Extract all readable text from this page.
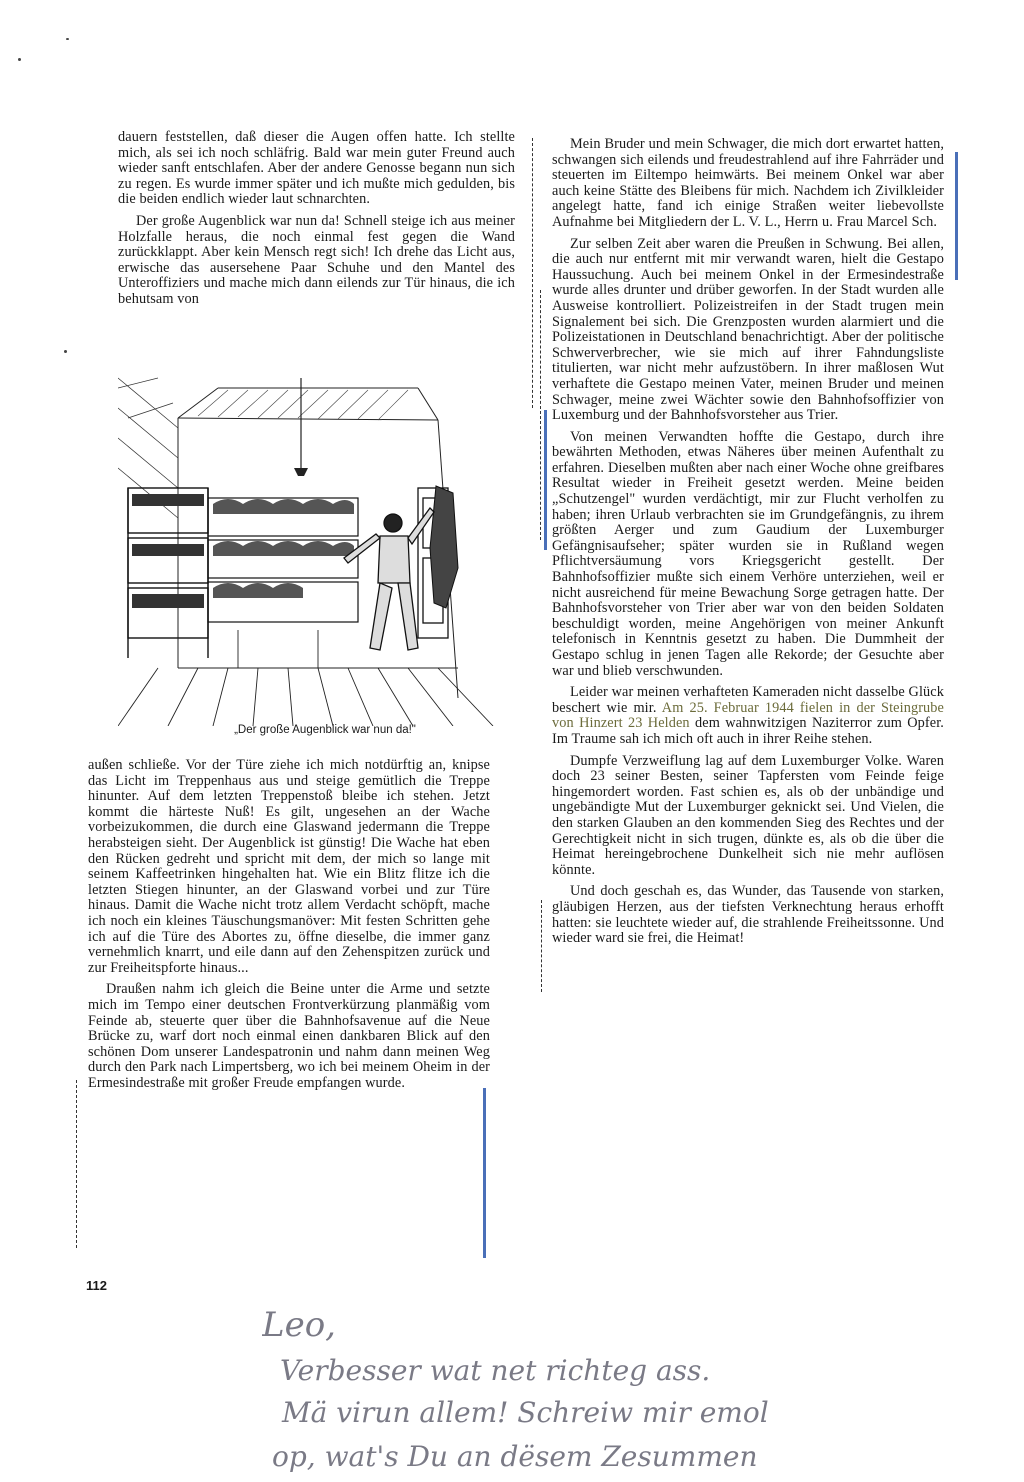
dauern feststellen, daß dieser die Augen offen hatte. Ich stellte mich, als sei ich noch schläfrig. Bald war mein guter Freund auch wieder sanft entschlafen. Aber der andere Genosse begann nun sich zu regen. Es wurde immer später und ich mußte mich gedulden, bis die beiden endlich wieder laut schnarchten.

Der große Augenblick war nun da! Schnell steige ich aus meiner Holzfalle heraus, die noch einmal fest gegen die Wand zurückklappt. Aber kein Mensch regt sich! Ich drehe das Licht aus, erwische das ausersehene Paar Schuhe und den Mantel des Unteroffiziers und mache mich dann eilends zur Tür hinaus, die ich behutsam von

„Der große Augenblick war nun da!"

außen schließe. Vor der Türe ziehe ich mich notdürftig an, knipse das Licht im Treppenhaus aus und steige gemütlich die Treppe hinunter. Auf dem letzten Treppenstoß bleibe ich stehen. Jetzt kommt die härteste Nuß! Es gilt, ungesehen an der Wache vorbeizukommen, die durch eine Glaswand jedermann die Treppe herabsteigen sieht. Der Augenblick ist günstig! Die Wache hat eben den Rücken gedreht und spricht mit dem, der mich so lange mit seinem Kaffeetrinken hingehalten hat. Wie ein Blitz flitze ich die letzten Stiegen hinunter, an der Glaswand vorbei und zur Türe hinaus. Damit die Wache nicht trotz allem Verdacht schöpft, mache ich noch ein kleines Täuschungsmanöver: Mit festen Schritten gehe ich auf die Türe des Abortes zu, öffne dieselbe, die immer ganz vernehmlich knarrt, und eile dann auf den Zehenspitzen zurück und zur Freiheitspforte hinaus...

Draußen nahm ich gleich die Beine unter die Arme und setzte mich im Tempo einer deutschen Frontverkürzung planmäßig vom Feinde ab, steuerte quer über die Bahnhofsavenue auf die Neue Brücke zu, warf dort noch einmal einen dankbaren Blick auf den schönen Dom unserer Landespatronin und nahm dann meinen Weg durch den Park nach Limpertsberg, wo ich bei meinem Oheim in der Ermesindestraße mit großer Freude empfangen wurde.

Mein Bruder und mein Schwager, die mich dort erwartet hatten, schwangen sich eilends und freudestrahlend auf ihre Fahrräder und steuerten im Eiltempo heimwärts. Bei meinem Onkel war aber auch keine Stätte des Bleibens für mich. Nachdem ich Zivilkleider angelegt hatte, fand ich einige Straßen weiter liebevollste Aufnahme bei Mitgliedern der L. V. L., Herrn u. Frau Marcel Sch.

Zur selben Zeit aber waren die Preußen in Schwung. Bei allen, die auch nur entfernt mit mir verwandt waren, hielt die Gestapo Haussuchung. Auch bei meinem Onkel in der Ermesindestraße wurde alles drunter und drüber geworfen. In der Stadt wurden alle Ausweise kontrolliert. Polizeistreifen in der Stadt trugen mein Signalement bei sich. Die Grenzposten wurden alarmiert und die Polizeistationen in Deutschland benachrichtigt. Aber der politische Schwerverbrecher, wie sie mich auf ihrer Fahndungsliste titulierten, war nicht mehr aufzustöbern. In ihrer maßlosen Wut verhaftete die Gestapo meinen Vater, meinen Bruder und meinen Schwager, meine zwei Wächter sowie den Bahnhofsoffizier von Luxemburg und der Bahnhofsvorsteher aus Trier.

Von meinen Verwandten hoffte die Gestapo, durch ihre bewährten Methoden, etwas Näheres über meinen Aufenthalt zu erfahren. Dieselben mußten aber nach einer Woche ohne greifbares Resultat wieder in Freiheit gesetzt werden. Meine beiden „Schutzengel" wurden verdächtigt, mir zur Flucht verholfen zu haben; ihren Urlaub verbrachten sie im Grundgefängnis, zu ihrem größten Aerger und zum Gaudium der Luxemburger Gefängnisaufseher; später wurden sie in Rußland wegen Pflichtversäumung vors Kriegsgericht gestellt. Der Bahnhofsoffizier mußte sich einem Verhöre unterziehen, weil er nicht ausreichend für meine Bewachung Sorge getragen hatte. Der Bahnhofsvorsteher von Trier aber war von den beiden Soldaten beschuldigt worden, meine Angehörigen von meiner Ankunft telefonisch in Kenntnis gesetzt zu haben. Die Dummheit der Gestapo schlug in jenen Tagen alle Rekorde; der Gesuchte aber war und blieb verschwunden.

Leider war meinen verhafteten Kameraden nicht dasselbe Glück beschert wie mir. Am 25. Februar 1944 fielen in der Steingrube von Hinzert 23 Helden dem wahnwitzigen Naziterror zum Opfer. Im Traume sah ich mich oft auch in ihrer Reihe stehen.

Dumpfe Verzweiflung lag auf dem Luxemburger Volke. Waren doch 23 seiner Besten, seiner Tapfersten vom Feinde feige hingemordert worden. Fast schien es, als ob der unbändige und ungebändigte Mut der Luxemburger geknickt sei. Und Vielen, die den starken Glauben an den kommenden Sieg des Rechtes und der Gerechtigkeit nicht in sich trugen, dünkte es, als ob die über die Heimat hereingebrochene Dunkelheit sich nie mehr auflösen könnte.

Und doch geschah es, das Wunder, das Tausende von starken, gläubigen Herzen, aus der tiefsten Verknechtung heraus erhofft hatten: sie leuchtete wieder auf, die strahlende Freiheitssonne. Und wieder ward sie frei, die Heimat!

112
Leo,
Verbesser wat net richteg ass.
Mä virun allem! Schreiw mir emol
op, wat's Du an dësem Zesummen
